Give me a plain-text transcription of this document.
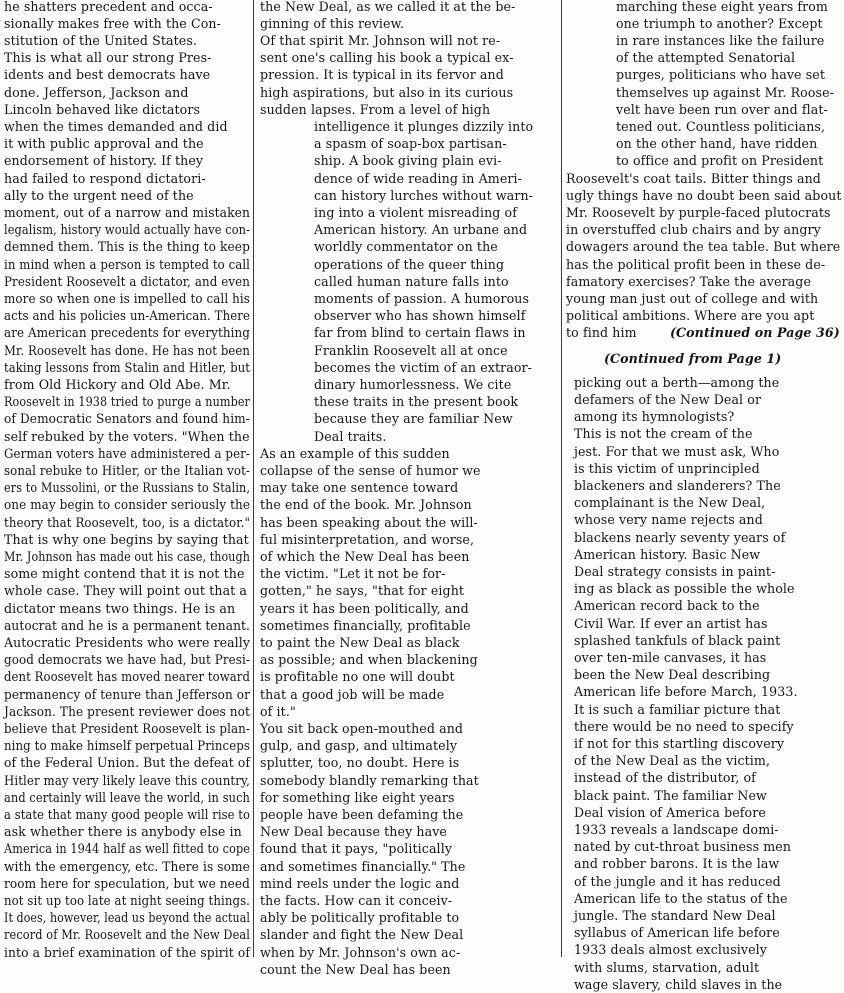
he shatters precedent and occa-
sionally makes free with the Con-
stitution of the United States.
This is what all our strong Pres-
idents and best democrats have
done. Jefferson, Jackson and
Lincoln behaved like dictators
when the times demanded and did
it with public approval and the
endorsement of history. If they
had failed to respond dictatori-
ally to the urgent need of the
moment, out of a narrow and mistaken
legalism, history would actually have con-
demned them. This is the thing to keep
in mind when a person is tempted to call
President Roosevelt a dictator, and even
more so when one is impelled to call his
acts and his policies un-American. There
are American precedents for everything
Mr. Roosevelt has done. He has not been
taking lessons from Stalin and Hitler, but
from Old Hickory and Old Abe. Mr.
Roosevelt in 1938 tried to purge a number
of Democratic Senators and found him-
self rebuked by the voters. "When the
German voters have administered a per-
sonal rebuke to Hitler, or the Italian vot-
ers to Mussolini, or the Russians to Stalin,
one may begin to consider seriously the
theory that Roosevelt, too, is a dictator."
That is why one begins by saying that
Mr. Johnson has made out his case, though
some might contend that it is not the
whole case. They will point out that a
dictator means two things. He is an
autocrat and he is a permanent tenant.
Autocratic Presidents who were really
good democrats we have had, but Presi-
dent Roosevelt has moved nearer toward
permanency of tenure than Jefferson or
Jackson. The present reviewer does not
believe that President Roosevelt is plan-
ning to make himself perpetual Princeps
of the Federal Union. But the defeat of
Hitler may very likely leave this country,
and certainly will leave the world, in such
a state that many good people will rise to
ask whether there is anybody else in
America in 1944 half as well fitted to cope
with the emergency, etc. There is some
room here for speculation, but we need
not sit up too late at night seeing things.
It does, however, lead us beyond the actual
record of Mr. Roosevelt and the New Deal
into a brief examination of the spirit of
the New Deal, as we called it at the be-
ginning of this review.
Of that spirit Mr. Johnson will not re-
sent one's calling his book a typical ex-
pression. It is typical in its fervor and
high aspirations, but also in its curious
sudden lapses. From a level of high
intelligence it plunges dizzily into
a spasm of soap-box partisan-
ship. A book giving plain evi-
dence of wide reading in Ameri-
can history lurches without warn-
ing into a violent misreading of
American history. An urbane and
worldly commentator on the
operations of the queer thing
called human nature falls into
moments of passion. A humorous
observer who has shown himself
far from blind to certain flaws in
Franklin Roosevelt all at once
becomes the victim of an extraor-
dinary humorlessness. We cite
these traits in the present book
because they are familiar New
Deal traits.
As an example of this sudden
collapse of the sense of humor we
may take one sentence toward
the end of the book. Mr. Johnson
has been speaking about the will-
ful misinterpretation, and worse,
of which the New Deal has been
the victim. "Let it not be for-
gotten," he says, "that for eight
years it has been politically, and
sometimes financially, profitable
to paint the New Deal as black
as possible; and when blackening
is profitable no one will doubt
that a good job will be made
of it."
You sit back open-mouthed and
gulp, and gasp, and ultimately
splutter, too, no doubt. Here is
somebody blandly remarking that
for something like eight years
people have been defaming the
New Deal because they have
found that it pays, "politically
and sometimes financially." The
mind reels under the logic and
the facts. How can it conceiv-
ably be politically profitable to
slander and fight the New Deal
when by Mr. Johnson's own ac-
count the New Deal has been
marching these eight years from
one triumph to another? Except
in rare instances like the failure
of the attempted Senatorial
purges, politicians who have set
themselves up against Mr. Roose-
velt have been run over and flat-
tened out. Countless politicians,
on the other hand, have ridden
to office and profit on President
Roosevelt's coat tails. Bitter things and
ugly things have no doubt been said about
Mr. Roosevelt by purple-faced plutocrats
in overstuffed club chairs and by angry
dowagers around the tea table. But where
has the political profit been in these de-
famatory exercises? Take the average
young man just out of college and with
political ambitions. Where are you apt
to find him	(Continued on Page 36)
(Continued from Page 1)
picking out a berth—among the
defamers of the New Deal or
among its hymnologists?
This is not the cream of the
jest. For that we must ask, Who
is this victim of unprincipled
blackeners and slanderers? The
complainant is the New Deal,
whose very name rejects and
blackens nearly seventy years of
American history. Basic New
Deal strategy consists in paint-
ing as black as possible the whole
American record back to the
Civil War. If ever an artist has
splashed tankfuls of black paint
over ten-mile canvases, it has
been the New Deal describing
American life before March, 1933.
It is such a familiar picture that
there would be no need to specify
if not for this startling discovery
of the New Deal as the victim,
instead of the distributor, of
black paint. The familiar New
Deal vision of America before
1933 reveals a landscape domi-
nated by cut-throat business men
and robber barons. It is the law
of the jungle and it has reduced
American life to the status of the
jungle. The standard New Deal
syllabus of American life before
1933 deals almost exclusively
with slums, starvation, adult
wage slavery, child slaves in the
